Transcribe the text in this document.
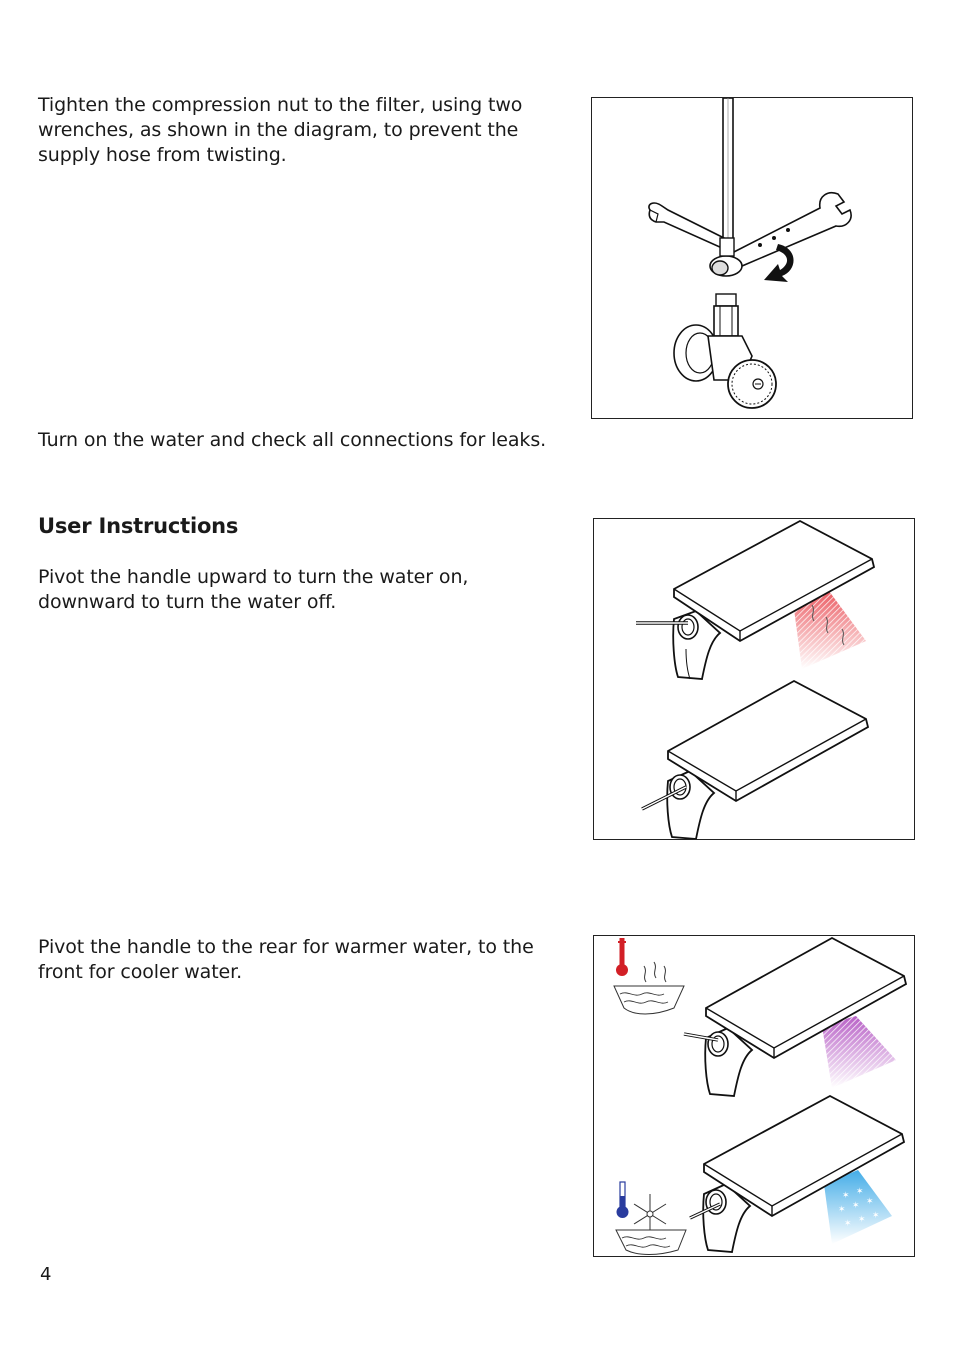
Tighten the compression nut to the filter, using two wrenches, as shown in the diagram, to prevent the supply hose from twisting.

Turn on the water and check all connections for leaks.

User Instructions

Pivot the handle upward to turn the water on, downward to turn the water off.

Pivot the handle to the rear for warmer water, to the front for cooler water.

✶ ✶
✶ ✶ ✶
✶ ✶ ✶
4
